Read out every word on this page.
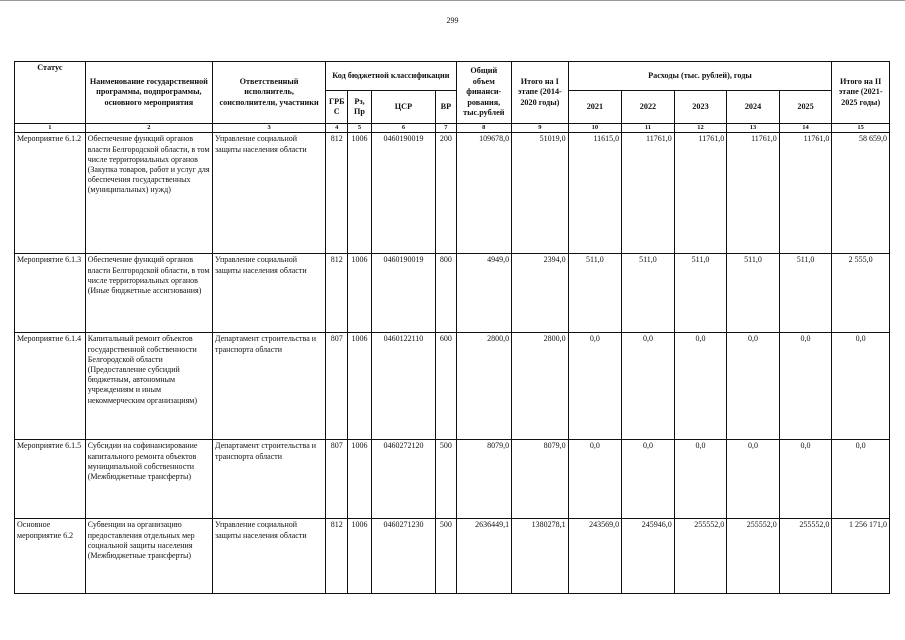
299
Статус	Наименование государственной программы, подпрограммы, основного мероприятия	Ответственный исполнитель, соисполнители, участники	Код бюджетной классификации				Общий объем финанси-рования, тыс.рублей	Итого на I этапе (2014-2020 годы)	Расходы (тыс. рублей), годы					Итого на II этапе (2021-2025 годы)
			ГРБ С	Рз, Пр	ЦСР	ВР			2021	2022	2023	2024	2025	
1	2	3	4	5	6	7	8	9	10	11	12	13	14	15
Мероприятие 6.1.2	Обеспечение функций органов власти Белгородской области, в том числе территориальных органов (Закупка товаров, работ и услуг для обеспечения государственных (муниципальных) нужд)	Управление социальной защиты населения области	812	1006	0460190019	200	109678,0	51019,0	11615,0	11761,0	11761,0	11761,0	11761,0	58 659,0
Мероприятие 6.1.3	Обеспечение функций органов власти Белгородской области, в том числе территориальных органов (Иные бюджетные ассигнования)	Управление социальной защиты населения области	812	1006	0460190019	800	4949,0	2394,0	511,0	511,0	511,0	511,0	511,0	2 555,0
Мероприятие 6.1.4	Капитальный ремонт объектов государственной собственности Белгородской области (Предоставление субсидий бюджетным, автономным учреждениям и иным некоммерческим организациям)	Департамент строительства и транспорта области	807	1006	0460122110	600	2800,0	2800,0	0,0	0,0	0,0	0,0	0,0	0,0
Мероприятие 6.1.5	Субсидии на софинансирование капитального ремонта объектов муниципальной собственности (Межбюджетные трансферты)	Департамент строительства и транспорта области	807	1006	0460272120	500	8079,0	8079,0	0,0	0,0	0,0	0,0	0,0	0,0
Основное мероприятие 6.2	Субвенции на организацию предоставления отдельных мер социальной защиты населения (Межбюджетные трансферты)	Управление социальной защиты населения области	812	1006	0460271230	500	2636449,1	1380278,1	243569,0	245946,0	255552,0	255552,0	255552,0	1 256 171,0
